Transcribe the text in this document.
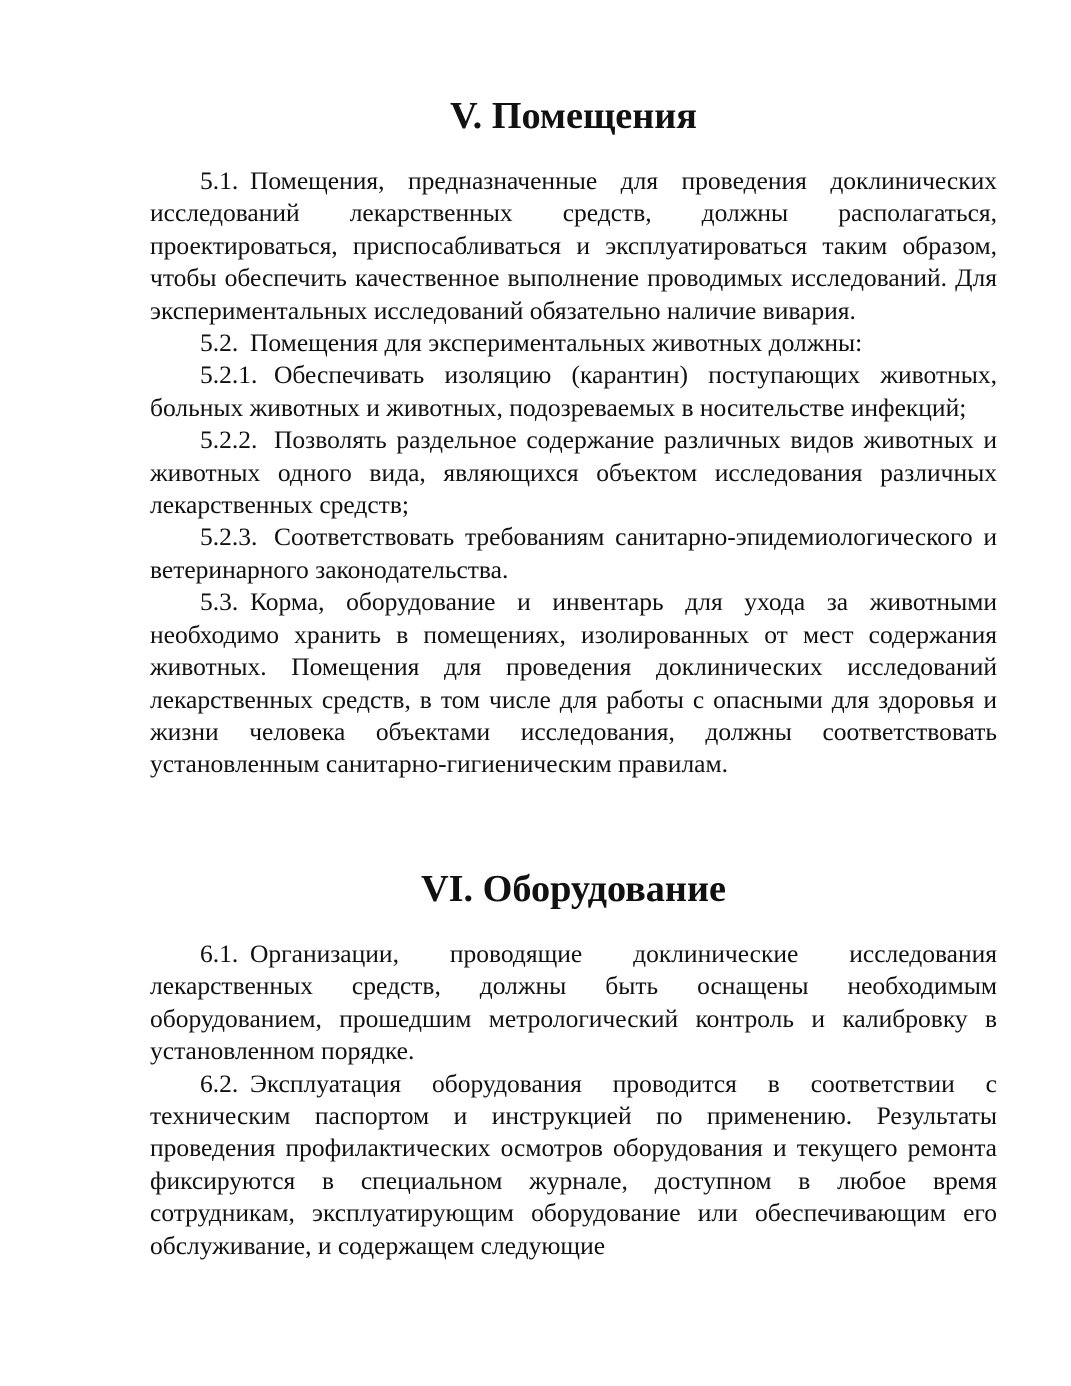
V. Помещения

5.1. Помещения, предназначенные для проведения доклинических исследований лекарственных средств, должны располагаться, проектироваться, приспосабливаться и эксплуатироваться таким образом, чтобы обеспечить качественное выполнение проводимых исследований. Для экспериментальных исследований обязательно наличие вивария.

5.2. Помещения для экспериментальных животных должны:

5.2.1. Обеспечивать изоляцию (карантин) поступающих животных, больных животных и животных, подозреваемых в носительстве инфекций;

5.2.2. Позволять раздельное содержание различных видов животных и животных одного вида, являющихся объектом исследования различных лекарственных средств;

5.2.3. Соответствовать требованиям санитарно-эпидемиологического и ветеринарного законодательства.

5.3. Корма, оборудование и инвентарь для ухода за животными необходимо хранить в помещениях, изолированных от мест содержания животных. Помещения для проведения доклинических исследований лекарственных средств, в том числе для работы с опасными для здоровья и жизни человека объектами исследования, должны соответствовать установленным санитарно-гигиеническим правилам.

VI. Оборудование

6.1. Организации, проводящие доклинические исследования лекарственных средств, должны быть оснащены необходимым оборудованием, прошедшим метрологический контроль и калибровку в установленном порядке.

6.2. Эксплуатация оборудования проводится в соответствии с техническим паспортом и инструкцией по применению. Результаты проведения профилактических осмотров оборудования и текущего ремонта фиксируются в специальном журнале, доступном в любое время сотрудникам, эксплуатирующим оборудование или обеспечивающим его обслуживание, и содержащем следующие
